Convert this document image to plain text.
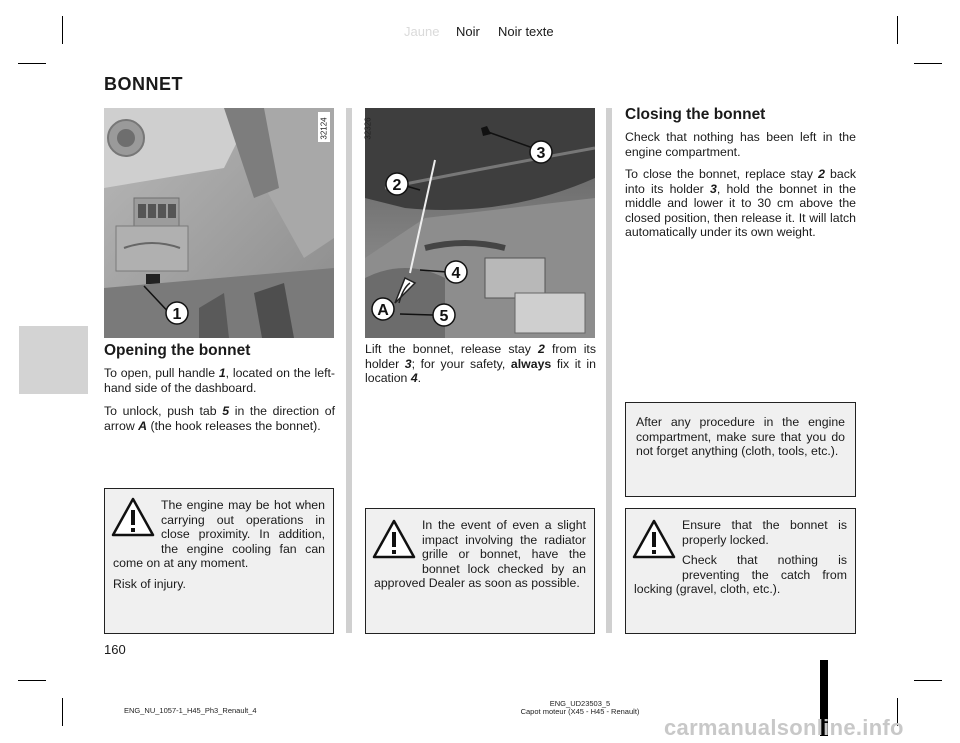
Jaune Noir Noir texte
BONNET
1
32124
3
2
4
A	5
32326
Opening the bonnet
To open, pull handle 1, located on the left-hand side of the dashboard.
To unlock, push tab 5 in the direction of arrow A (the hook releases the bonnet).
Lift the bonnet, release stay 2 from its holder 3; for your safety, always fix it in location 4.
Closing the bonnet
Check that nothing has been left in the engine compartment.
To close the bonnet, replace stay 2 back into its holder 3, hold the bonnet in the middle and lower it to 30 cm above the closed position, then release it. It will latch automatically under its own weight.
After any procedure in the engine compartment, make sure that you do not forget anything (cloth, tools, etc.).
The engine may be hot when carrying out operations in close proximity. In addition, the engine cooling fan can come on at any moment.
Risk of injury.
In the event of even a slight impact involving the radiator grille or bonnet, have the bonnet lock checked by an approved Dealer as soon as possible.
Ensure that the bonnet is properly locked.
Check that nothing is preventing the catch from locking (gravel, cloth, etc.).
160
ENG_NU_1057-1_H45_Ph3_Renault_4
ENG_UD23503_5
Capot moteur (X45 - H45 - Renault)
carmanualsonline.info
